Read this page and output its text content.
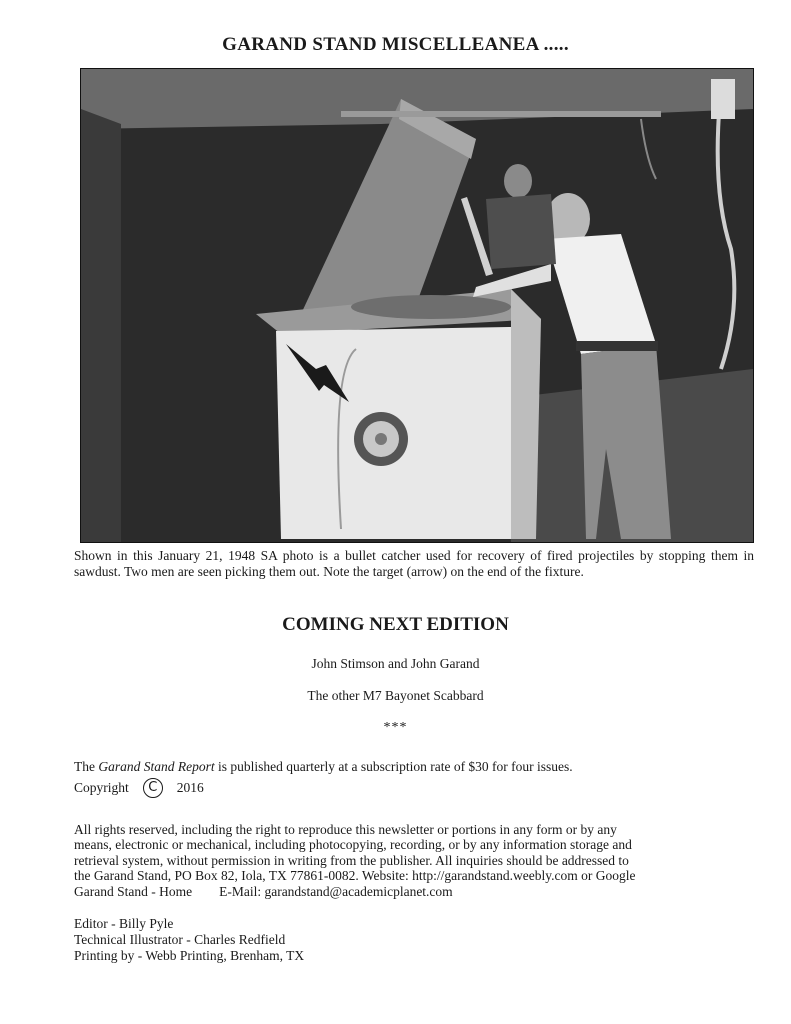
GARAND STAND MISCELLEANEA .....
Shown in this January 21, 1948 SA photo is a bullet catcher used for recovery of fired projectiles by stopping them in sawdust. Two men are seen picking them out. Note the target (arrow) on the end of the fixture.
COMING NEXT EDITION
John Stimson and John Garand
The other M7 Bayonet Scabbard
***
The Garand Stand Report is published quarterly at a subscription rate of $30 for four issues.
Copyright	C	2016
All rights reserved, including the right to reproduce this newsletter or portions in any form or by any
means, electronic or mechanical, including photocopying, recording, or by any information storage and
retrieval system, without permission in writing from the publisher. All inquiries should be addressed to
the Garand Stand, PO Box 82, Iola, TX 77861-0082. Website: http://garandstand.weebly.com or Google
Garand Stand - Home        E-Mail: garandstand@academicplanet.com
Editor - Billy Pyle
Technical Illustrator - Charles Redfield
Printing by - Webb Printing, Brenham, TX
